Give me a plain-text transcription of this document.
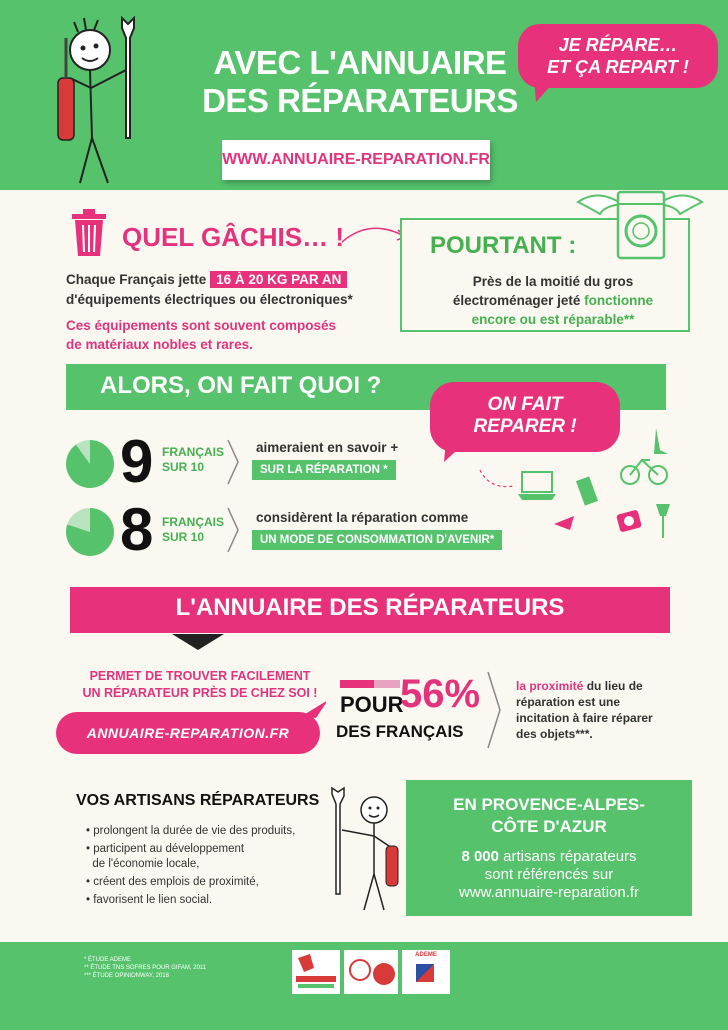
AVEC L'ANNUAIRE
DES RÉPARATEURS
JE RÉPARE…
ET ÇA REPART !
WWW.ANNUAIRE-REPARATION.FR
QUEL GÂCHIS… !
Chaque Français jette 16 À 20 KG PAR AN
d'équipements électriques ou électroniques*
Ces équipements sont souvent composés
de matériaux nobles et rares.
POURTANT :
Près de la moitié du gros
électroménager jeté fonctionne
encore ou est réparable**
ALORS, ON FAIT QUOI ?
ON FAIT
REPARER !
9 FRANÇAIS
SUR 10
aimeraient en savoir +
SUR LA RÉPARATION *
8 FRANÇAIS
SUR 10
considèrent la réparation comme
UN MODE DE CONSOMMATION D'AVENIR*
L'ANNUAIRE DES RÉPARATEURS
PERMET DE TROUVER FACILEMENT
UN RÉPARATEUR PRÈS DE CHEZ SOI !
ANNUAIRE-REPARATION.FR
POUR
56%
DES FRANÇAIS
la proximité du lieu de réparation est une incitation à faire réparer des objets***.
VOS ARTISANS RÉPARATEURS
• prolongent la durée de vie des produits,
• participent au développement
de l'économie locale,
• créent des emplois de proximité,
• favorisent le lien social.
EN PROVENCE-ALPES-
CÔTE D'AZUR
8 000 artisans réparateurs
sont référencés sur
www.annuaire-reparation.fr
* ÉTUDE ADEME
** ÉTUDE TNS SOFRES POUR GIFAM, 2011
*** ÉTUDE OPINIONWAY, 2018
ADEME
